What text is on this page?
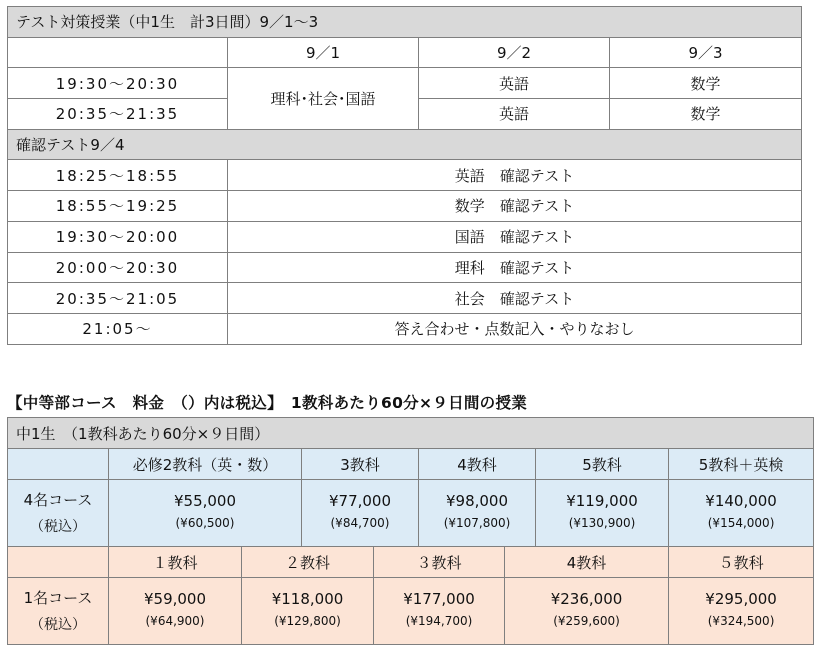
テスト対策授業（中1生　計3日間）9／1～3			
	9／1	9／2	9／3
19:30～20:30	理科･社会･国語	英語	数学
20:35～21:35		英語	数学
確認テスト9／4			
18:25～18:55	英語　確認テスト		
18:55～19:25	数学　確認テスト		
19:30～20:00	国語　確認テスト		
20:00～20:30	理科　確認テスト		
20:35～21:05	社会　確認テスト		
21:05～	答え合わせ・点数記入・やりなおし		
【中等部コース　料金　（）内は税込】　1教科あたり60分×９日間の授業
中1生　（1教科あたり60分×９日間）									
	必修2教科（英・数）		3教科		4教科		5教科	5教科＋英検	
4名コース	¥55,000		¥77,000		¥98,000		¥119,000	¥140,000	
（税込）	(¥60,500)		(¥84,700)		(¥107,800)		(¥130,900)	(¥154,000)	
	１教科	２教科		３教科		4教科		５教科	
1名コース	¥59,000	¥118,000		¥177,000		¥236,000		¥295,000	
（税込）	(¥64,900)	(¥129,800)		(¥194,700)		(¥259,600)		(¥324,500)	
